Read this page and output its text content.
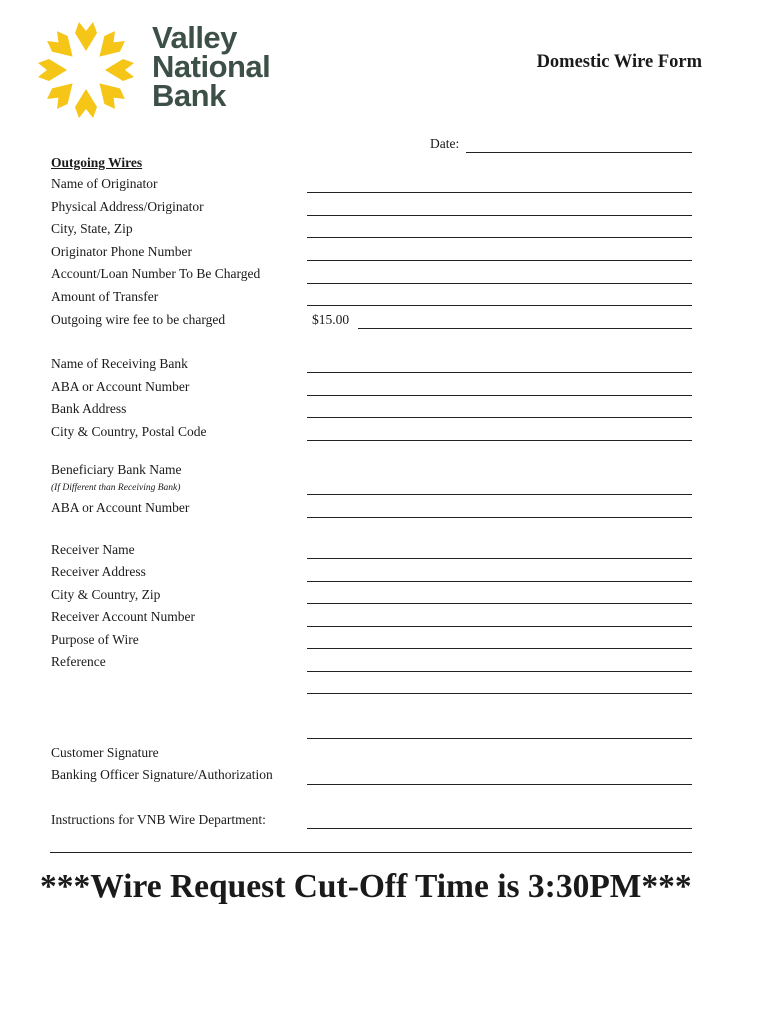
Valley
National
Bank
Domestic Wire Form
Date:
Outgoing Wires
Name of Originator
Physical Address/Originator
City, State, Zip
Originator Phone Number
Account/Loan Number To Be Charged
Amount of Transfer
Outgoing wire fee to be charged	$15.00
Name of Receiving Bank
ABA or Account Number
Bank Address
City & Country, Postal Code
Beneficiary Bank Name
(If Different than Receiving Bank)
ABA or Account Number
Receiver Name
Receiver Address
City & Country, Zip
Receiver Account Number
Purpose of Wire
Reference
Customer Signature
Banking Officer Signature/Authorization
Instructions for VNB Wire Department:
***Wire Request Cut-Off Time is 3:30PM***
